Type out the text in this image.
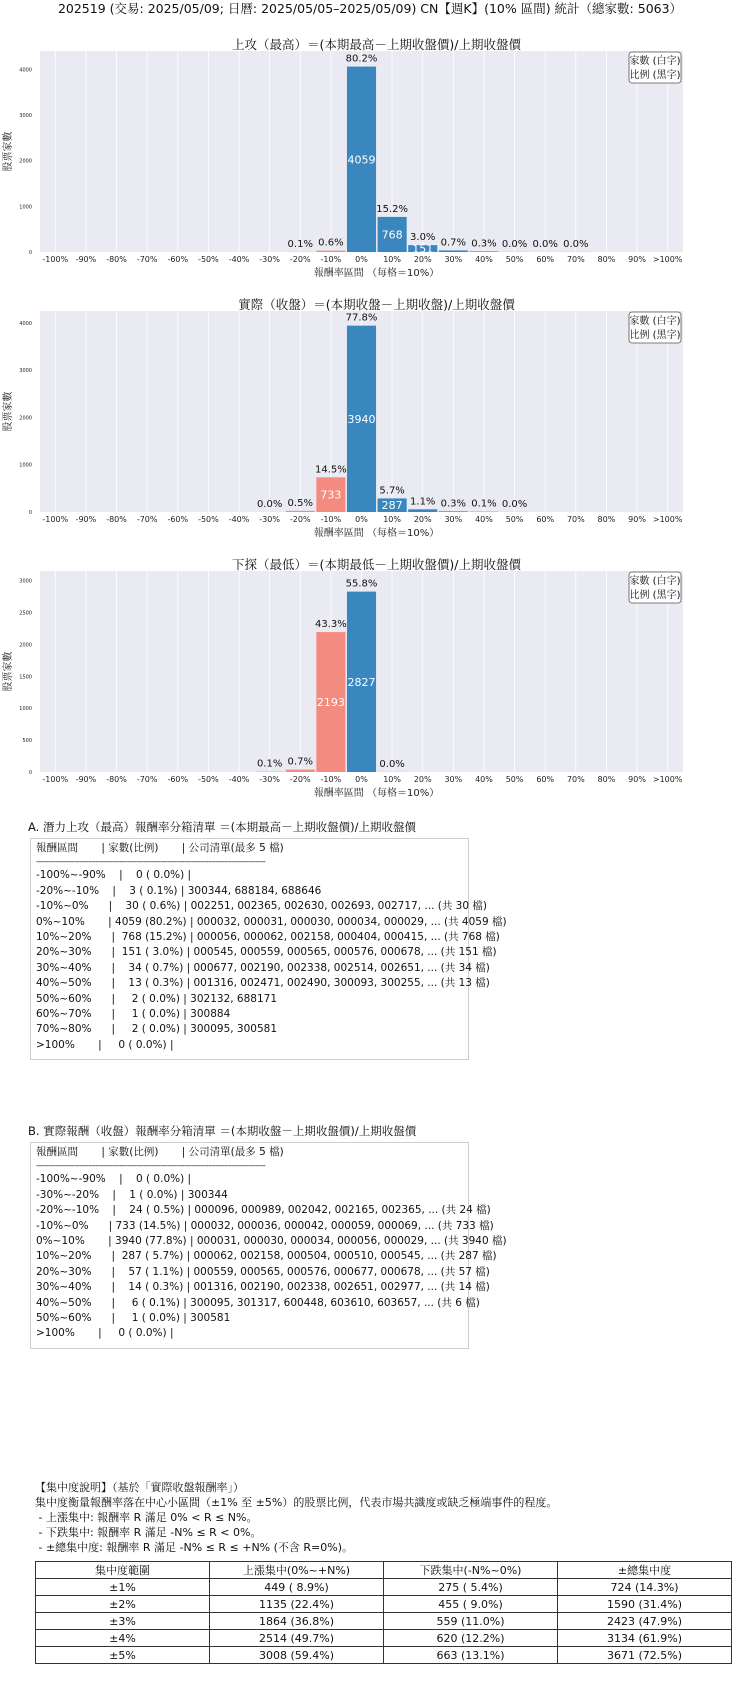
202519 (交易: 2025/05/09; 日曆: 2025/05/05–2025/05/09) CN【週K】(10% 區間) 統計（總家數: 5063）
0
1000
2000
3000
4000
-100% -90% -80% -70% -60% -50% -40% -30% -20%
0.1%
-10%
0.6%
0%
80.2%
4059
10%
15.2%
768
20%
3.0%
151
30%
0.7%
40%
0.3%
50%
0.0%
60%
0.0%
70%
0.0%
80% 90% >100%
上攻（最高）＝(本期最高－上期收盤價)/上期收盤價
報酬率區間 （每格＝10%）
股票家數
家數 (白字)
比例 (黑字)
0
1000
2000
3000
4000
-100% -90% -80% -70% -60% -50% -40% -30%
0.0%
-20%
0.5%
-10%
14.5%
733
0%
77.8%
3940
10%
5.7%
287
20%
1.1%
30%
0.3%
40%
0.1%
50%
0.0%
60% 70% 80% 90% >100%
實際（收盤）＝(本期收盤－上期收盤)/上期收盤價
報酬率區間 （每格＝10%）
股票家數
家數 (白字)
比例 (黑字)
0
500
1000
1500
2000
2500
3000
-100% -90% -80% -70% -60% -50% -40% -30%
0.1%
-20%
0.7%
-10%
43.3%
2193
0%
55.8%
2827
10%
0.0%
20% 30% 40% 50% 60% 70% 80% 90% >100%
下探（最低）＝(本期最低－上期收盤價)/上期收盤價
報酬率區間 （每格＝10%）
股票家數
家數 (白字)
比例 (黑字)
A. 潛力上攻（最高）報酬率分箱清單 ＝(本期最高－上期收盤價)/上期收盤價
報酬區間       | 家數(比例)       | 公司清單(最多 5 檔)
------------------------------------------------------------------------------------------------
-100%~-90%    |    0 ( 0.0%) |
-20%~-10%    |    3 ( 0.1%) | 300344, 688184, 688646
-10%~0%      |    30 ( 0.6%) | 002251, 002365, 002630, 002693, 002717, ... (共 30 檔)
0%~10%       | 4059 (80.2%) | 000032, 000031, 000030, 000034, 000029, ... (共 4059 檔)
10%~20%      |  768 (15.2%) | 000056, 000062, 002158, 000404, 000415, ... (共 768 檔)
20%~30%      |  151 ( 3.0%) | 000545, 000559, 000565, 000576, 000678, ... (共 151 檔)
30%~40%      |    34 ( 0.7%) | 000677, 002190, 002338, 002514, 002651, ... (共 34 檔)
40%~50%      |    13 ( 0.3%) | 001316, 002471, 002490, 300093, 300255, ... (共 13 檔)
50%~60%      |     2 ( 0.0%) | 302132, 688171
60%~70%      |     1 ( 0.0%) | 300884
70%~80%      |     2 ( 0.0%) | 300095, 300581
>100%       |     0 ( 0.0%) |
B. 實際報酬（收盤）報酬率分箱清單 ＝(本期收盤－上期收盤價)/上期收盤價
報酬區間       | 家數(比例)       | 公司清單(最多 5 檔)
------------------------------------------------------------------------------------------------
-100%~-90%    |    0 ( 0.0%) |
-30%~-20%    |    1 ( 0.0%) | 300344
-20%~-10%    |    24 ( 0.5%) | 000096, 000989, 002042, 002165, 002365, ... (共 24 檔)
-10%~0%      | 733 (14.5%) | 000032, 000036, 000042, 000059, 000069, ... (共 733 檔)
0%~10%       | 3940 (77.8%) | 000031, 000030, 000034, 000056, 000029, ... (共 3940 檔)
10%~20%      |  287 ( 5.7%) | 000062, 002158, 000504, 000510, 000545, ... (共 287 檔)
20%~30%      |    57 ( 1.1%) | 000559, 000565, 000576, 000677, 000678, ... (共 57 檔)
30%~40%      |    14 ( 0.3%) | 001316, 002190, 002338, 002651, 002977, ... (共 14 檔)
40%~50%      |     6 ( 0.1%) | 300095, 301317, 600448, 603610, 603657, ... (共 6 檔)
50%~60%      |     1 ( 0.0%) | 300581
>100%       |     0 ( 0.0%) |
【集中度說明】（基於「實際收盤報酬率」）
集中度衡量報酬率落在中心小區間（±1% 至 ±5%）的股票比例，代表市場共識度或缺乏極端事件的程度。
- 上漲集中: 報酬率 R 滿足 0% < R ≤ N%。
- 下跌集中: 報酬率 R 滿足 -N% ≤ R < 0%。
- ±總集中度: 報酬率 R 滿足 -N% ≤ R ≤ +N% (不含 R=0%)。
集中度範圍	上漲集中(0%~+N%)	下跌集中(-N%~0%)	±總集中度
±1%	449 ( 8.9%)	275 ( 5.4%)	724 (14.3%)
±2%	1135 (22.4%)	455 ( 9.0%)	1590 (31.4%)
±3%	1864 (36.8%)	559 (11.0%)	2423 (47.9%)
±4%	2514 (49.7%)	620 (12.2%)	3134 (61.9%)
±5%	3008 (59.4%)	663 (13.1%)	3671 (72.5%)
